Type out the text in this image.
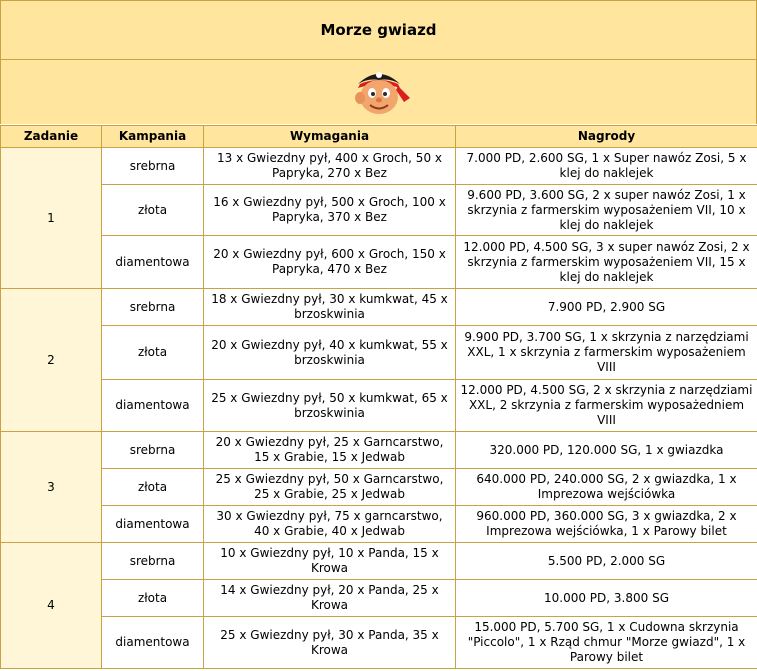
Morze gwiazd
Zadanie	Kampania	Wymagania	Nagrody
1	srebrna	13 x Gwiezdny pył, 400 x Groch, 50 x Papryka, 270 x Bez	7.000 PD, 2.600 SG, 1 x Super nawóz Zosi, 5 x klej do naklejek
	złota	16 x Gwiezdny pył, 500 x Groch, 100 x Papryka, 370 x Bez	9.600 PD, 3.600 SG, 2 x super nawóz Zosi, 1 x skrzynia z farmerskim wyposażeniem VII, 10 x klej do naklejek
	diamentowa	20 x Gwiezdny pył, 600 x Groch, 150 x Papryka, 470 x Bez	12.000 PD, 4.500 SG, 3 x super nawóz Zosi, 2 x skrzynia z farmerskim wyposażeniem VII, 15 x klej do naklejek
2	srebrna	18 x Gwiezdny pył, 30 x kumkwat, 45 x brzoskwinia	7.900 PD, 2.900 SG
	złota	20 x Gwiezdny pył, 40 x kumkwat, 55 x brzoskwinia	9.900 PD, 3.700 SG, 1 x skrzynia z narzędziami XXL, 1 x skrzynia z farmerskim wyposażeniem VIII
	diamentowa	25 x Gwiezdny pył, 50 x kumkwat, 65 x brzoskwinia	12.000 PD, 4.500 SG, 2 x skrzynia z narzędziami XXL, 2 skrzynia z farmerskim wyposażedniem VIII
3	srebrna	20 x Gwiezdny pył, 25 x Garncarstwo, 15 x Grabie, 15 x Jedwab	320.000 PD, 120.000 SG, 1 x gwiazdka
	złota	25 x Gwiezdny pył, 50 x Garncarstwo, 25 x Grabie, 25 x Jedwab	640.000 PD, 240.000 SG, 2 x gwiazdka, 1 x Imprezowa wejściówka
	diamentowa	30 x Gwiezdny pył, 75 x garncarstwo, 40 x Grabie, 40 x Jedwab	960.000 PD, 360.000 SG, 3 x gwiazdka, 2 x Imprezowa wejściówka, 1 x Parowy bilet
4	srebrna	10 x Gwiezdny pył, 10 x Panda, 15 x Krowa	5.500 PD, 2.000 SG
	złota	14 x Gwiezdny pył, 20 x Panda, 25 x Krowa	10.000 PD, 3.800 SG
	diamentowa	25 x Gwiezdny pył, 30 x Panda, 35 x Krowa	15.000 PD, 5.700 SG, 1 x Cudowna skrzynia "Piccolo", 1 x Rząd chmur "Morze gwiazd", 1 x Parowy bilet
